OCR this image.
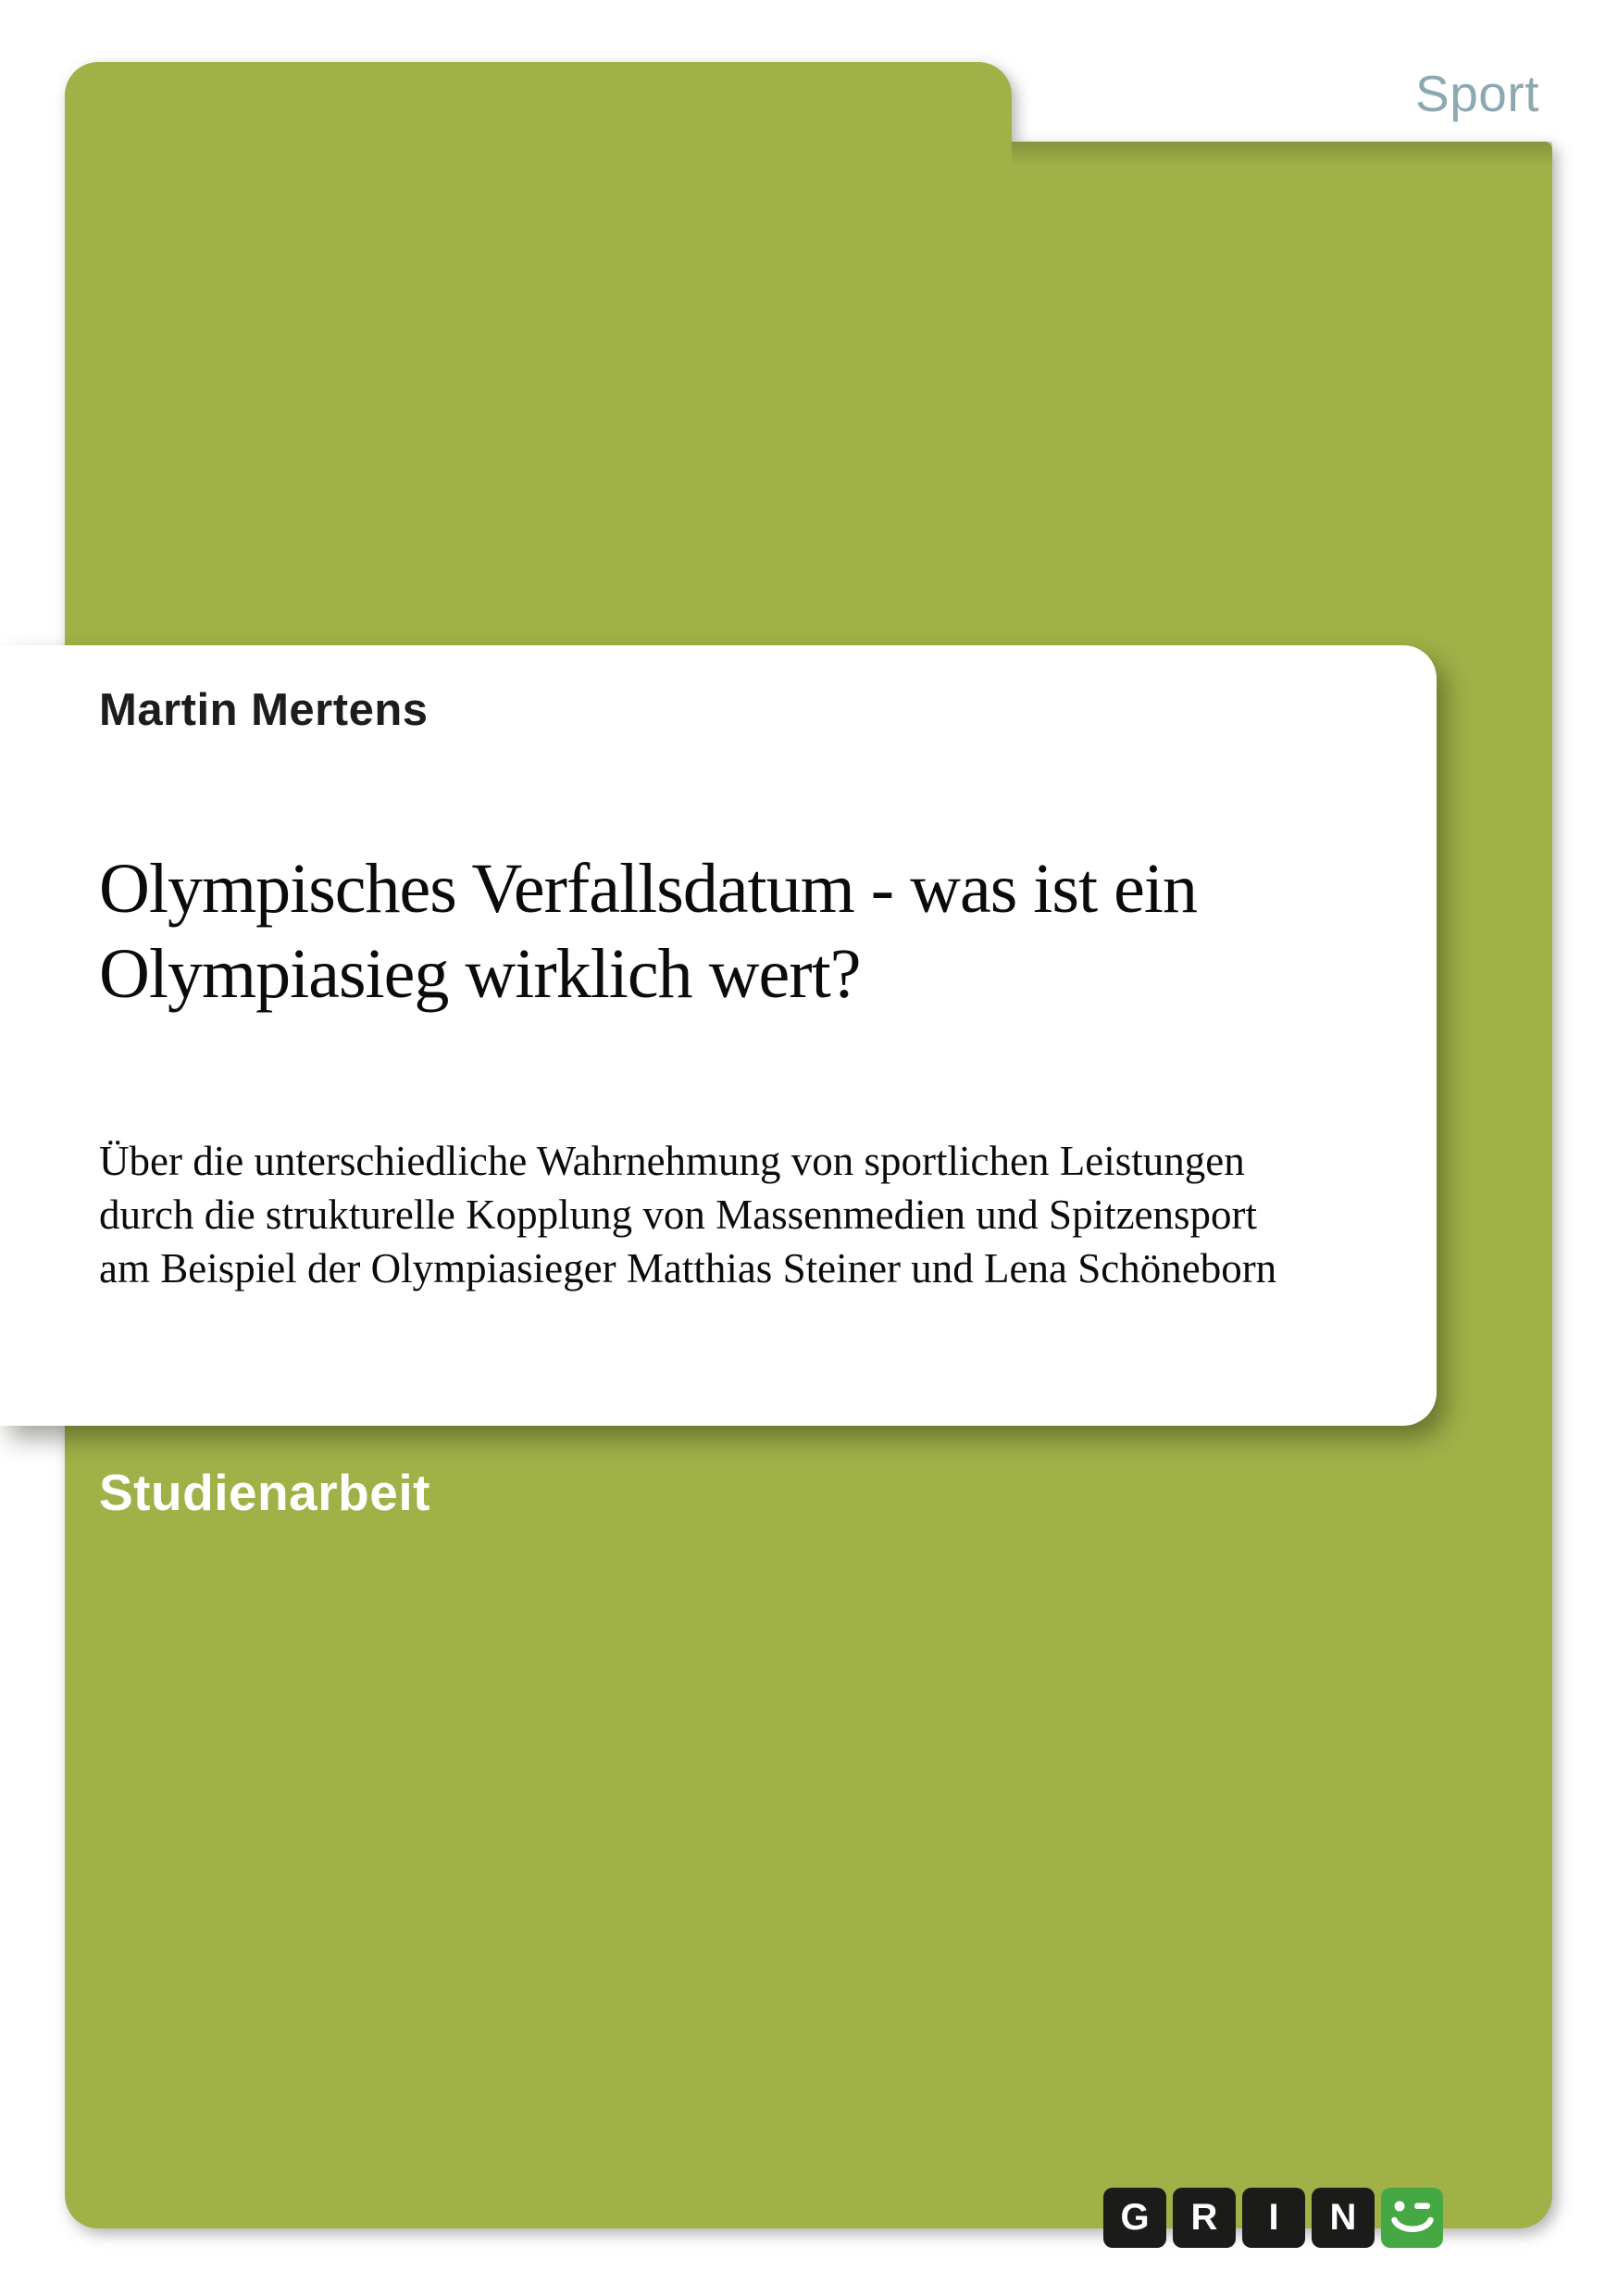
Sport
Martin Mertens
Olympisches Verfallsdatum - was ist ein
Olympiasieg wirklich wert?
Über die unterschiedliche Wahrnehmung von sportlichen Leistungen
durch die strukturelle Kopplung von Massenmedien und Spitzensport
am Beispiel der Olympiasieger Matthias Steiner und Lena Schöneborn
Studienarbeit
G	R	I	N
